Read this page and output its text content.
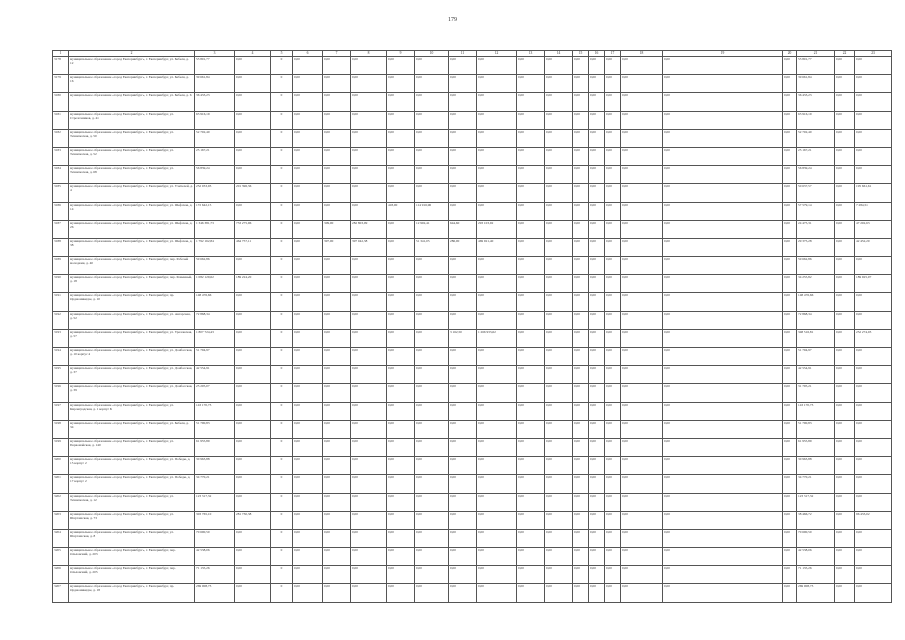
179
1	2	3	4	5	6	7	8	9	10	11	12	13	14	15	16	17	18	19	20	21	22	23
3178	муниципальное образование «город Екатеринбург», г. Екатеринбург, ул. Бебеля, д. 12	53 801,77	0,00	0	0,00	0,00	0,00	0,00	0,00	0,00	0,00	0,00	0,00	0,00	0,00	0,00	0,00	0,00	0,00	53 801,77	0,00	0,00
3179	муниципальное образование «город Екатеринбург», г. Екатеринбург, ул. Бебеля, д. 16	39 661,84	0,00	0	0,00	0,00	0,00	0,00	0,00	0,00	0,00	0,00	0,00	0,00	0,00	0,00	0,00	0,00	0,00	39 661,84	0,00	0,00
3180	муниципальное образование «город Екатеринбург», г. Екатеринбург, ул. Бебеля, д. 6	36 433,23	0,00	0	0,00	0,00	0,00	0,00	0,00	0,00	0,00	0,00	0,00	0,00	0,00	0,00	0,00	0,00	0,00	36 433,23	0,00	0,00
3181	муниципальное образование «город Екатеринбург», г. Екатеринбург, ул. Стрелочников, д. 41	63 916,19	0,00	0	0,00	0,00	0,00	0,00	0,00	0,00	0,00	0,00	0,00	0,00	0,00	0,00	0,00	0,00	0,00	63 916,19	0,00	0,00
3182	муниципальное образование «город Екатеринбург», г. Екатеринбург, ул. Техническая, д. 50	52 702,40	0,00	0	0,00	0,00	0,00	0,00	0,00	0,00	0,00	0,00	0,00	0,00	0,00	0,00	0,00	0,00	0,00	52 702,40	0,00	0,00
3183	муниципальное образование «город Екатеринбург», г. Екатеринбург, ул. Техническая, д. 52	25 167,21	0,00	0	0,00	0,00	0,00	0,00	0,00	0,00	0,00	0,00	0,00	0,00	0,00	0,00	0,00	0,00	0,00	25 167,21	0,00	0,00
3184	муниципальное образование «город Екатеринбург», г. Екатеринбург, ул. Техническая, д. 68	56 839,24	0,00	0	0,00	0,00	0,00	0,00	0,00	0,00	0,00	0,00	0,00	0,00	0,00	0,00	0,00	0,00	0,00	56 839,24	0,00	0,00
3185	муниципальное образование «город Екатеринбург», г. Екатеринбург, ул. Учителей, д. 4	252 033,93	201 396,36	0	0,00	0,00	0,00	0,00	0,00	0,00	0,00	0,00	0,00	0,00	0,00	0,00	0,00	0,00	0,00	50 637,57	0,00	195 661,61
3186	муниципальное образование «город Екатеринбург», г. Екатеринбург, ул. Шефская, д. 14	172 642,15	0,00	0	0,00	0,00	0,00	418,00	114 916,96	0,00	0,00	0,00	0,00	0,00	0,00	0,00	0,00	0,00	0,00	57 579,14	0,00	7 284,51
3187	муниципальное образование «город Екатеринбург», г. Екатеринбург, ул. Шефская, д. 26	1 346 381,73	733 275,96	0	0,00	309,00	282 803,09	0,00	12 902,41	644,60	293 103,92	0,00	0,00	0,00	0,00	0,00	0,00	0,00	0,00	24 475,31	0,00	47 202,63
3188	муниципальное образование «город Екатеринбург», г. Екатеринбург, ул. Шефская, д. 38	1 792 162,84	464 757,11	0	0,00	397,00	397 042,38	0,00	51 341,05	286,00	469 921,40	0,00	0,00	0,00	0,00	0,00	0,00	0,00	0,00	29 375,28	0,00	42 452,20
3189	муниципальное образование «город Екатеринбург», г. Екатеринбург, пер. Рабочей молодежи, д. 40	59 662,86	0,00	0	0,00	0,00	0,00	0,00	0,00	0,00	0,00	0,00	0,00	0,00	0,00	0,00	0,00	0,00	0,00	59 662,86	0,00	0,00
3190	муниципальное образование «город Екатеринбург», г. Екатеринбург, пер. Ременный, д. 18	1 082 129,62	189 224,20	0	0,00	0,00	0,00	0,00	0,00	0,00	0,00	0,00	0,00	0,00	0,00	0,00	0,00	0,00	0,00	34 255,82	0,00	189 925,07
3191	муниципальное образование «город Екатеринбург», г. Екатеринбург, пр. Орджоникидзе, д. 10	148 476,66	0,00	0	0,00	0,00	0,00	0,00	0,00	0,00	0,00	0,00	0,00	0,00	0,00	0,00	0,00	0,00	0,00	148 476,66	0,00	0,00
3192	муниципальное образование «город Екатеринбург», г. Екатеринбург, ул. Ангарская, д. 52	72 868,34	0,00	0	0,00	0,00	0,00	0,00	0,00	0,00	0,00	0,00	0,00	0,00	0,00	0,00	0,00	0,00	0,00	72 868,34	0,00	0,00
3193	муниципальное образование «город Екатеринбург», г. Екатеринбург, ул. Ураловская, д. 57	1 807 724,43	0,00	0	0,00	0,00	0,00	0,00	0,00	3 162,50	1 266 933,62	0,00	0,00	0,00	0,00	0,00	0,00	0,00	0,00	348 516,81	0,00	252 274,03
3194	муниципальное образование «город Екатеринбург», г. Екатеринбург, ул. Донбасская, д. 10 корпус 4	51 794,97	0,00	0	0,00	0,00	0,00	0,00	0,00	0,00	0,00	0,00	0,00	0,00	0,00	0,00	0,00	0,00	0,00	51 794,97	0,00	0,00
3195	муниципальное образование «город Екатеринбург», г. Екатеринбург, ул. Донбасская, д. 37	42 554,91	0,00	0	0,00	0,00	0,00	0,00	0,00	0,00	0,00	0,00	0,00	0,00	0,00	0,00	0,00	0,00	0,00	42 554,91	0,00	0,00
3196	муниципальное образование «город Екатеринбург», г. Екатеринбург, ул. Донбасская, д. 39	25 205,07	0,00	0	0,00	0,00	0,00	0,00	0,00	0,00	0,00	0,00	0,00	0,00	0,00	0,00	0,00	0,00	0,00	31 795,21	0,00	0,00
3197	муниципальное образование «город Екатеринбург», г. Екатеринбург, ул. Кировградская, д. 1 корпус Б	143 170,73	0,00	0	0,00	0,00	0,00	0,00	0,00	0,00	0,00	0,00	0,00	0,00	0,00	0,00	0,00	0,00	0,00	143 170,73	0,00	0,00
3198	муниципальное образование «город Екатеринбург», г. Екатеринбург, ул. Бебеля, д. 34	51 790,83	0,00	0	0,00	0,00	0,00	0,00	0,00	0,00	0,00	0,00	0,00	0,00	0,00	0,00	0,00	0,00	0,00	51 790,83	0,00	0,00
3199	муниципальное образование «город Екатеринбург», г. Екатеринбург, ул. Первомайская, д. 140	61 955,89	0,00	0	0,00	0,00	0,00	0,00	0,00	0,00	0,00	0,00	0,00	0,00	0,00	0,00	0,00	0,00	0,00	61 955,89	0,00	0,00
3200	муниципальное образование «город Екатеринбург», г. Екатеринбург, ул. Победы, д. 15 корпус 2	30 963,88	0,00	0	0,00	0,00	0,00	0,00	0,00	0,00	0,00	0,00	0,00	0,00	0,00	0,00	0,00	0,00	0,00	30 963,88	0,00	0,00
3201	муниципальное образование «город Екатеринбург», г. Екатеринбург, ул. Победы, д. 17 корпус 2	34 770,21	0,00	0	0,00	0,00	0,00	0,00	0,00	0,00	0,00	0,00	0,00	0,00	0,00	0,00	0,00	0,00	0,00	34 770,21	0,00	0,00
3202	муниципальное образование «город Екатеринбург», г. Екатеринбург, ул. Техническая, д. 12	123 317,32	0,00	0	0,00	0,00	0,00	0,00	0,00	0,00	0,00	0,00	0,00	0,00	0,00	0,00	0,00	0,00	0,00	123 317,32	0,00	0,00
3203	муниципальное образование «город Екатеринбург», г. Екатеринбург, ул. Шарташская, д. 73	303 765,10	281 730,38	0	0,00	0,00	0,00	0,00	0,00	0,00	0,00	0,00	0,00	0,00	0,00	0,00	0,00	0,00	0,00	38 466,72	0,00	96 433,02
3204	муниципальное образование «город Екатеринбург», г. Екатеринбург, ул. Шарташская, д. 8	70 690,50	0,00	0	0,00	0,00	0,00	0,00	0,00	0,00	0,00	0,00	0,00	0,00	0,00	0,00	0,00	0,00	0,00	70 690,50	0,00	0,00
3205	муниципальное образование «город Екатеринбург», г. Екатеринбург, пер. Ольховский, д. 203	42 538,06	0,00	0	0,00	0,00	0,00	0,00	0,00	0,00	0,00	0,00	0,00	0,00	0,00	0,00	0,00	0,00	0,00	42 538,06	0,00	0,00
3206	муниципальное образование «город Екатеринбург», г. Екатеринбург, пер. Ольховский, д. 205	71 135,26	0,00	0	0,00	0,00	0,00	0,00	0,00	0,00	0,00	0,00	0,00	0,00	0,00	0,00	0,00	0,00	0,00	71 135,26	0,00	0,00
3207	муниципальное образование «город Екатеринбург», г. Екатеринбург, пр. Орджоникидзе, д. 18	269 008,73	0,00	0	0,00	0,00	0,00	0,00	0,00	0,00	0,00	0,00	0,00	0,00	0,00	0,00	0,00	0,00	0,00	269 008,73	0,00	0,00
